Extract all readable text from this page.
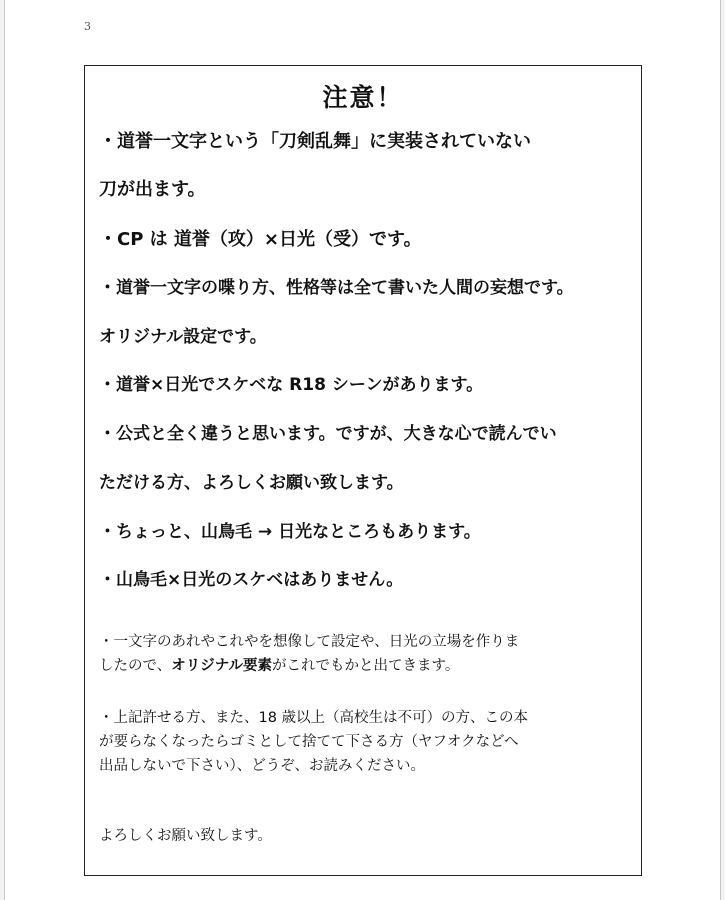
3
注意！
・道誉一文字という「刀剣乱舞」に実装されていない
刀が出ます。
・CP は 道誉（攻）×日光（受）です。
・道誉一文字の喋り方、性格等は全て書いた人間の妄想です。
オリジナル設定です。
・道誉×日光でスケベな R18 シーンがあります。
・公式と全く違うと思います。ですが、大きな心で読んでい
ただける方、よろしくお願い致します。
・ちょっと、山鳥毛 → 日光なところもあります。
・山鳥毛×日光のスケベはありません。
・一文字のあれやこれやを想像して設定や、日光の立場を作りま
したので、オリジナル要素がこれでもかと出てきます。
・上記許せる方、また、18 歳以上（高校生は不可）の方、この本
が要らなくなったらゴミとして捨てて下さる方（ヤフオクなどへ
出品しないで下さい）、どうぞ、お読みください。
よろしくお願い致します。
